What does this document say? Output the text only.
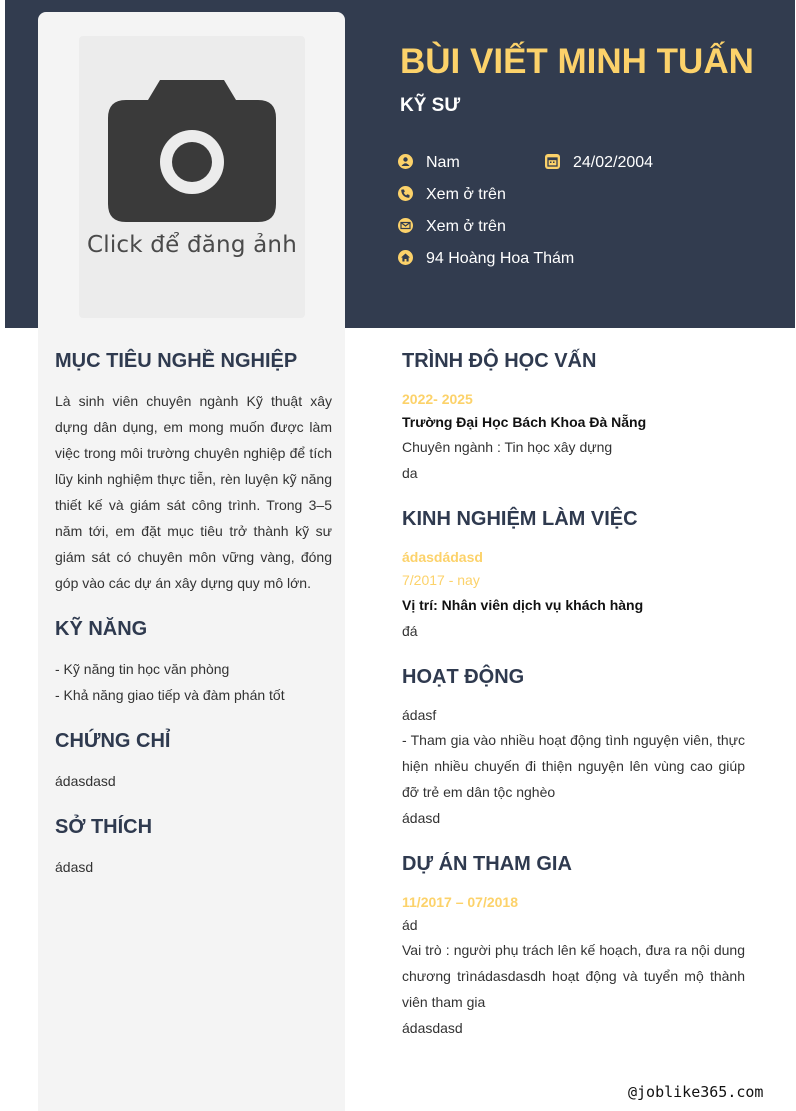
Click để đăng ảnh
BÙI VIẾT MINH TUẤN
KỸ SƯ
Nam	24/02/2004
Xem ở trên
Xem ở trên
94 Hoàng Hoa Thám
MỤC TIÊU NGHỀ NGHIỆP

Là sinh viên chuyên ngành Kỹ thuật xây dựng dân dụng, em mong muốn được làm việc trong môi trường chuyên nghiệp để tích lũy kinh nghiệm thực tiễn, rèn luyện kỹ năng thiết kế và giám sát công trình. Trong 3–5 năm tới, em đặt mục tiêu trở thành kỹ sư giám sát có chuyên môn vững vàng, đóng góp vào các dự án xây dựng quy mô lớn.

KỸ NĂNG

- Kỹ năng tin học văn phòng

- Khả năng giao tiếp và đàm phán tốt

CHỨNG CHỈ

ádasdasd

SỞ THÍCH

ádasd

TRÌNH ĐỘ HỌC VẤN

2022- 2025

Trường Đại Học Bách Khoa Đà Nẵng

Chuyên ngành : Tin học xây dựng

da

KINH NGHIỆM LÀM VIỆC

ádasdádasd

7/2017 - nay

Vị trí: Nhân viên dịch vụ khách hàng

đá

HOẠT ĐỘNG

ádasf

- Tham gia vào nhiều hoạt động tình nguyện viên, thực hiện nhiều chuyến đi thiện nguyện lên vùng cao giúp đỡ trẻ em dân tộc nghèo

ádasd

DỰ ÁN THAM GIA

11/2017 – 07/2018

ád

Vai trò : người phụ trách lên kế hoạch, đưa ra nội dung chương trìnádasdasdh hoạt động và tuyển mộ thành viên tham gia

ádasdasd

@joblike365.com
